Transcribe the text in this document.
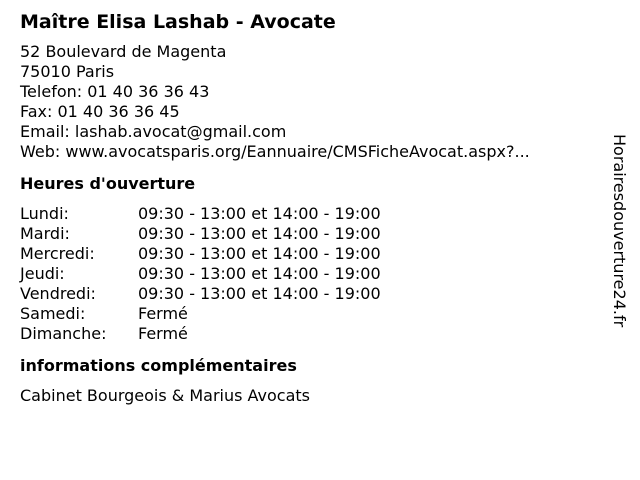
Maître Elisa Lashab - Avocate
52 Boulevard de Magenta
75010 Paris
Telefon: 01 40 36 36 43
Fax: 01 40 36 36 45
Email: lashab.avocat@gmail.com
Web: www.avocatsparis.org/Eannuaire/CMSFicheAvocat.aspx?...
Heures d'ouverture
Lundi:	09:30 - 13:00 et 14:00 - 19:00
Mardi:	09:30 - 13:00 et 14:00 - 19:00
Mercredi:	09:30 - 13:00 et 14:00 - 19:00
Jeudi:	09:30 - 13:00 et 14:00 - 19:00
Vendredi:	09:30 - 13:00 et 14:00 - 19:00
Samedi:	Fermé
Dimanche:	Fermé
informations complémentaires
Cabinet Bourgeois & Marius Avocats
Horairesdouverture24.fr
